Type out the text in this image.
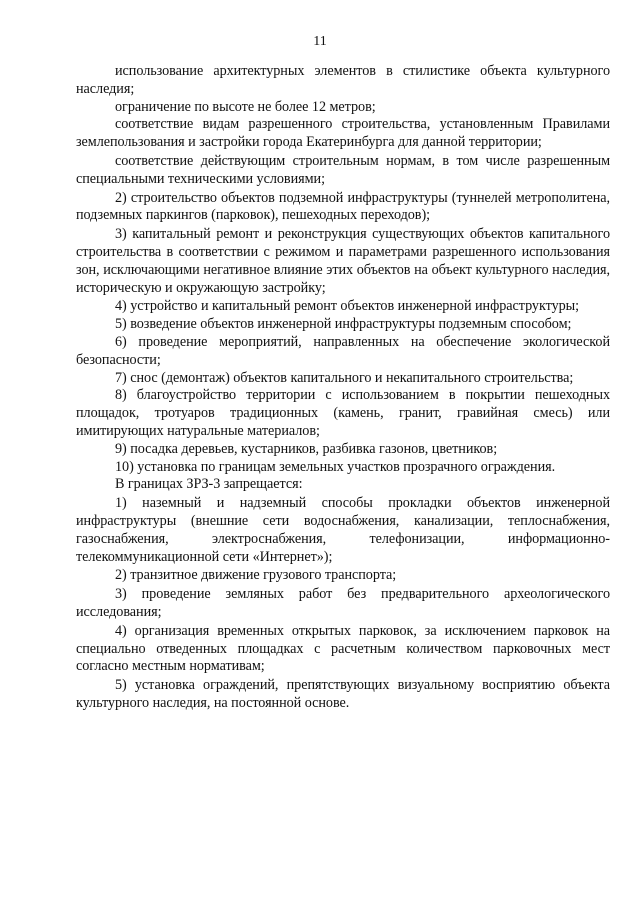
11

использование архитектурных элементов в стилистике объекта культурного наследия;

ограничение по высоте не более 12 метров;

соответствие видам разрешенного строительства, установленным Правилами землепользования и застройки города Екатеринбурга для данной территории;

соответствие действующим строительным нормам, в том числе разрешенным специальными техническими условиями;

2) строительство объектов подземной инфраструктуры (туннелей метрополитена, подземных паркингов (парковок), пешеходных переходов);

3) капитальный ремонт и реконструкция существующих объектов капитального строительства в соответствии с режимом и параметрами разрешенного использования зон, исключающими негативное влияние этих объектов на объект культурного наследия, историческую и окружающую застройку;

4) устройство и капитальный ремонт объектов инженерной инфраструктуры;

5) возведение объектов инженерной инфраструктуры подземным способом;

6) проведение мероприятий, направленных на обеспечение экологической безопасности;

7) снос (демонтаж) объектов капитального и некапитального строительства;

8) благоустройство территории с использованием в покрытии пешеходных площадок, тротуаров традиционных (камень, гранит, гравийная смесь) или имитирующих натуральные материалов;

9) посадка деревьев, кустарников, разбивка газонов, цветников;

10) установка по границам земельных участков прозрачного ограждения.

В границах ЗРЗ-3 запрещается:

1) наземный и надземный способы прокладки объектов инженерной инфраструктуры (внешние сети водоснабжения, канализации, теплоснабжения, газоснабжения, электроснабжения, телефонизации, информационно-телекоммуникационной сети «Интернет»);

2) транзитное движение грузового транспорта;

3) проведение земляных работ без предварительного археологического исследования;

4) организация временных открытых парковок, за исключением парковок на специально отведенных площадках с расчетным количеством парковочных мест согласно местным нормативам;

5) установка ограждений, препятствующих визуальному восприятию объекта культурного наследия, на постоянной основе.
